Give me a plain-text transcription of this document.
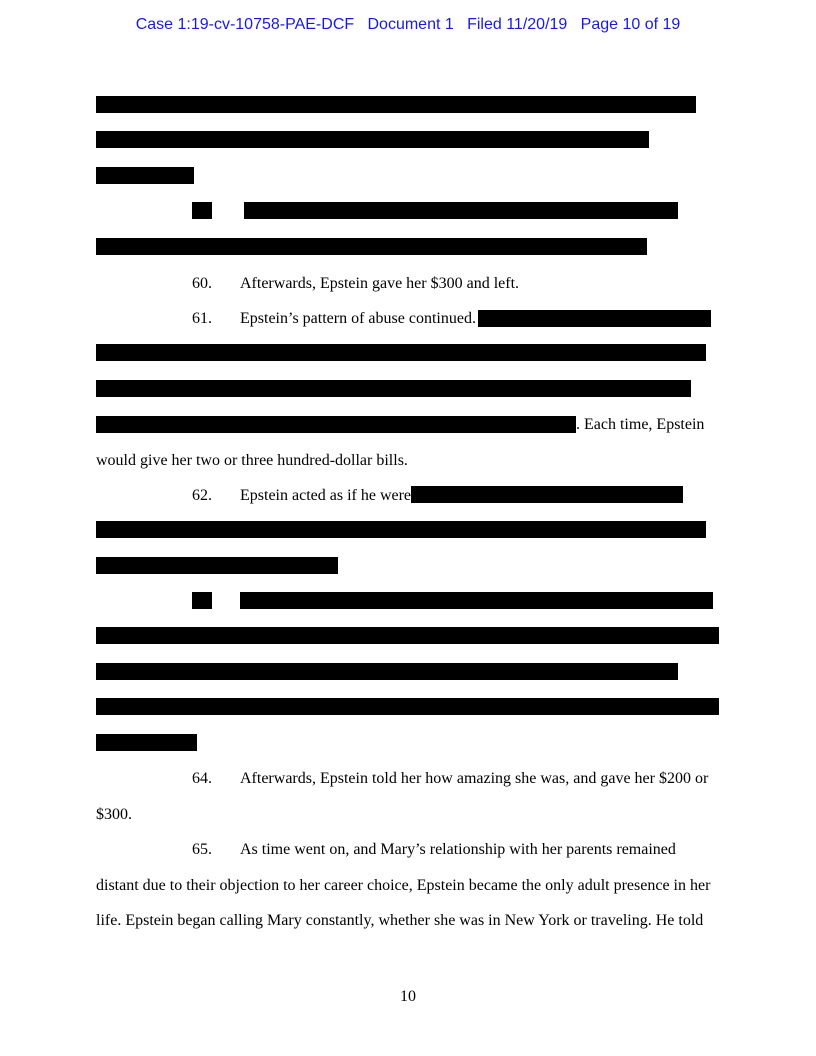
Case 1:19-cv-10758-PAE-DCF Document 1 Filed 11/20/19 Page 10 of 19
60. Afterwards, Epstein gave her $300 and left.
61. Epstein’s pattern of abuse continued.
. Each time, Epstein
would give her two or three hundred-dollar bills.
62. Epstein acted as if he were
64. Afterwards, Epstein told her how amazing she was, and gave her $200 or
$300.
65. As time went on, and Mary’s relationship with her parents remained
distant due to their objection to her career choice, Epstein became the only adult presence in her
life. Epstein began calling Mary constantly, whether she was in New York or traveling. He told
10
